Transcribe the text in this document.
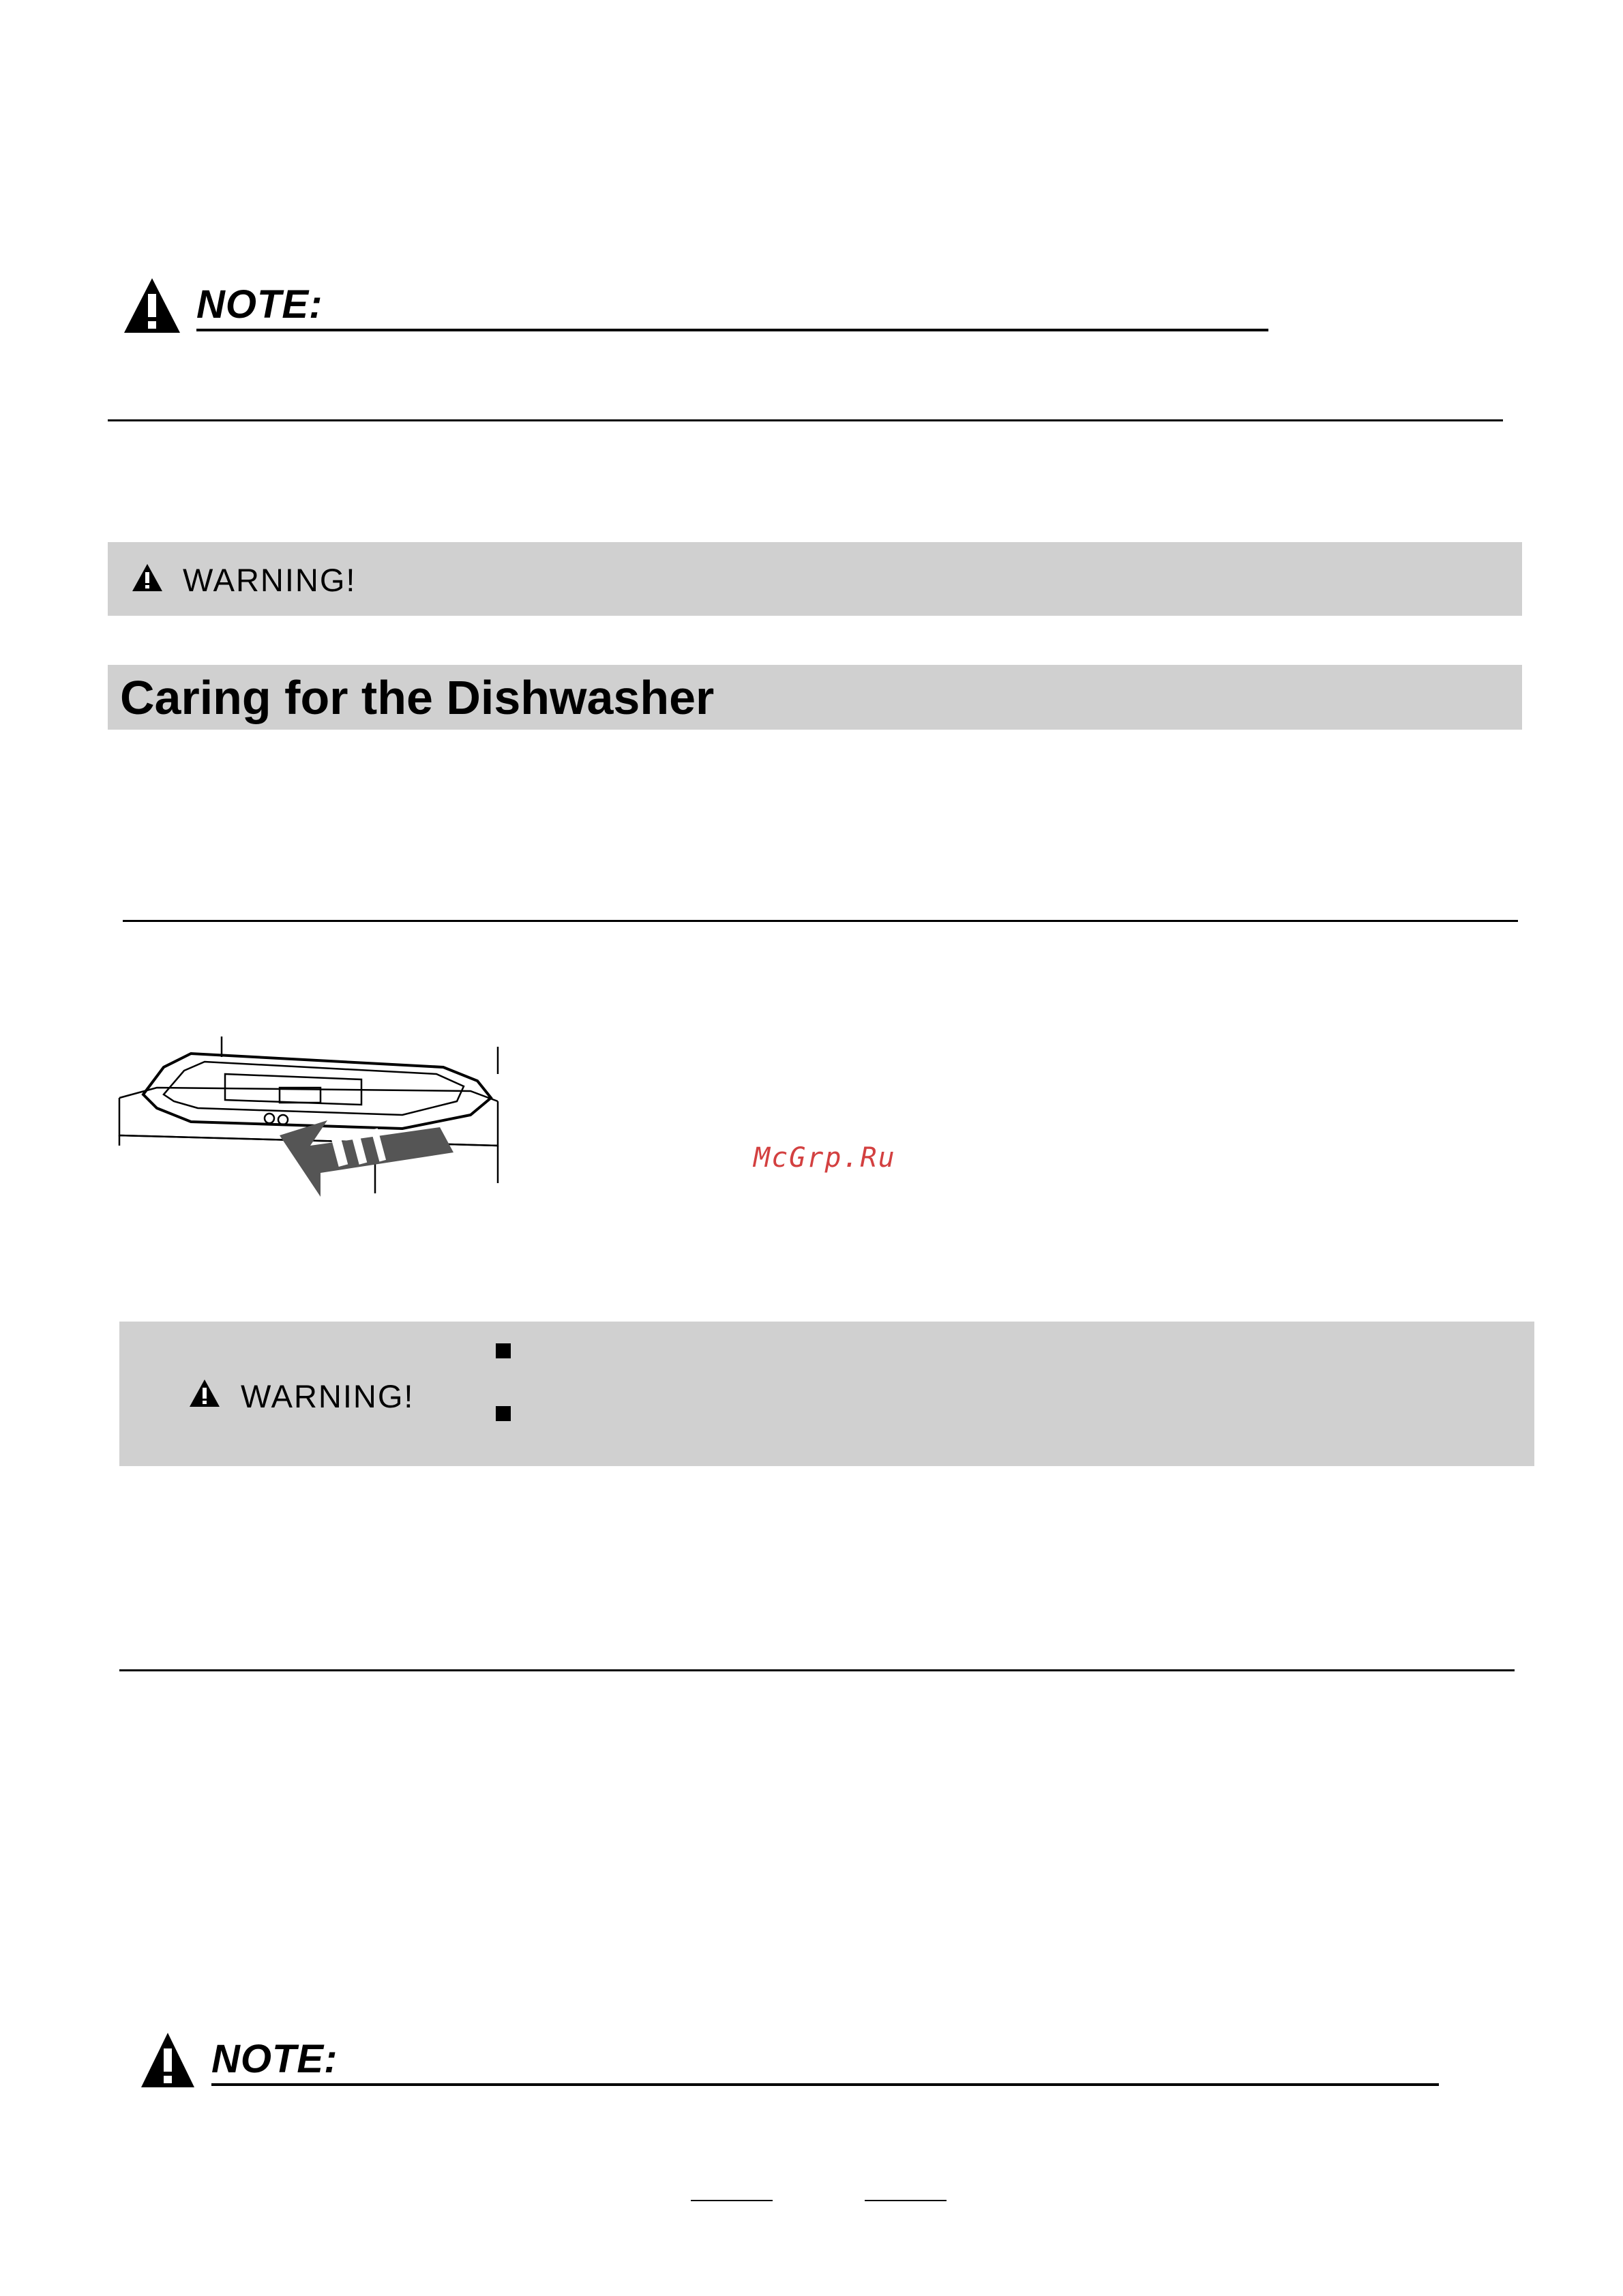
NOTE:
WARNING!
Caring for the Dishwasher
McGrp.Ru
WARNING!
NOTE:
